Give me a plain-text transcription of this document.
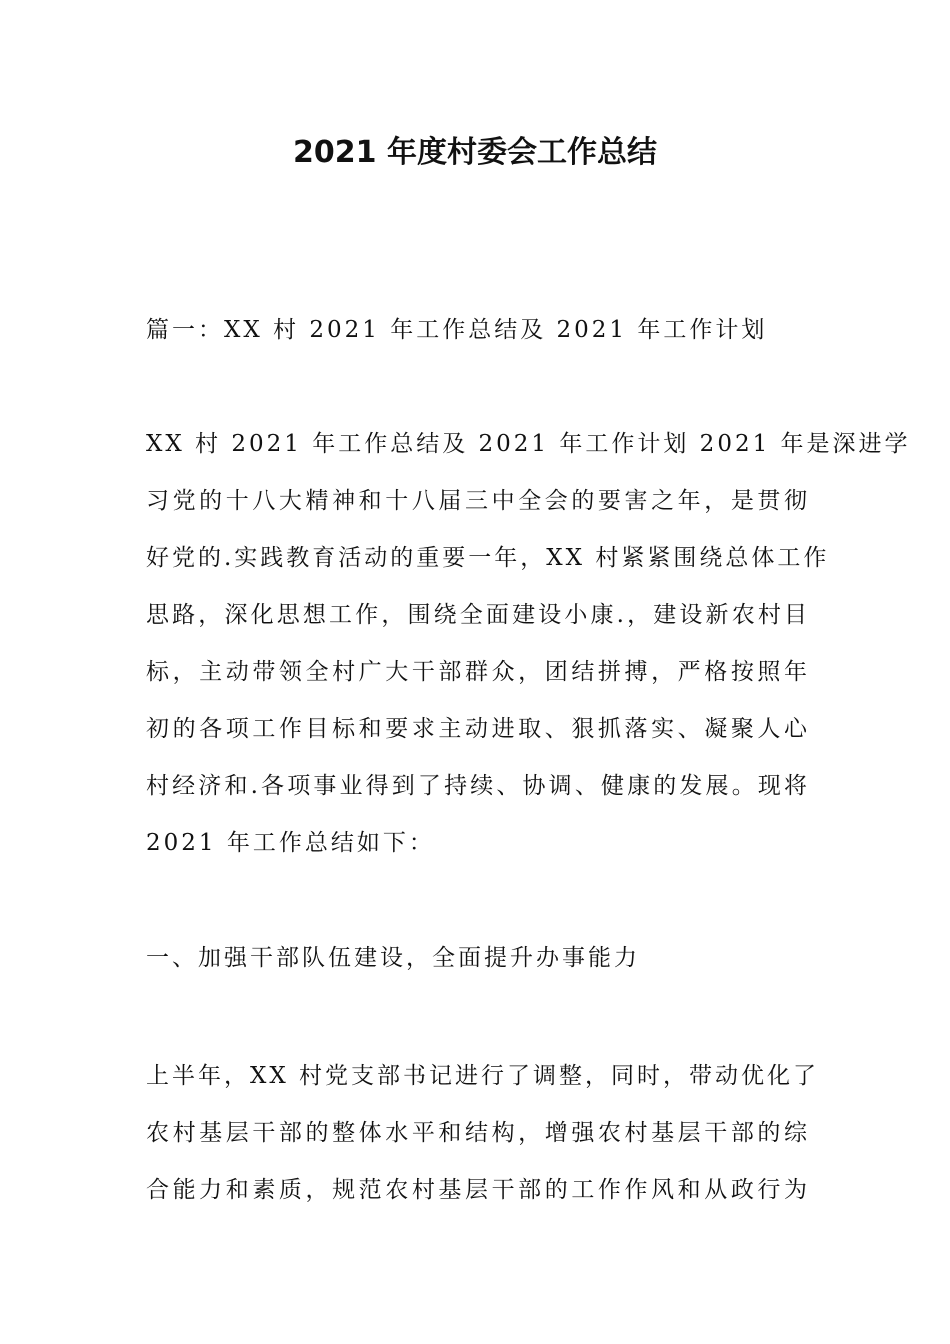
2021 年度村委会工作总结
篇一：XX 村 2021 年工作总结及 2021 年工作计划
XX 村 2021 年工作总结及 2021 年工作计划 2021 年是深进学
习党的十八大精神和十八届三中全会的要害之年，是贯彻
好党的.实践教育活动的重要一年，XX 村紧紧围绕总体工作
思路，深化思想工作，围绕全面建设小康.，建设新农村目
标，主动带领全村广大干部群众，团结拼搏，严格按照年
初的各项工作目标和要求主动进取、狠抓落实、凝聚人心
村经济和.各项事业得到了持续、协调、健康的发展。现将
2021 年工作总结如下：
一、加强干部队伍建设，全面提升办事能力
上半年，XX 村党支部书记进行了调整，同时，带动优化了
农村基层干部的整体水平和结构，增强农村基层干部的综
合能力和素质，规范农村基层干部的工作作风和从政行为
